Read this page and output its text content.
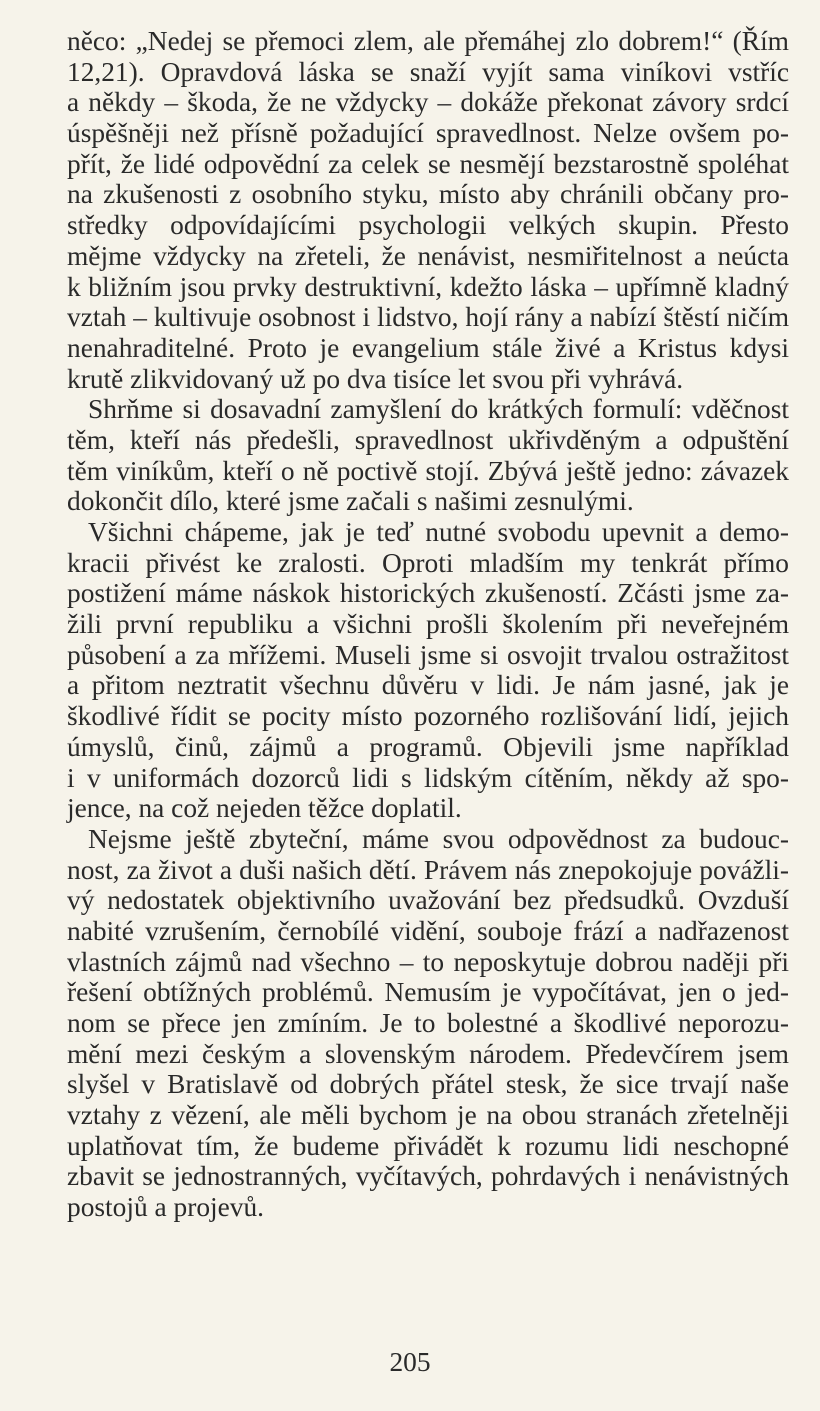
něco: „Nedej se přemoci zlem, ale přemáhej zlo dobrem!“ (Řím
12,21). Opravdová láska se snaží vyjít sama viníkovi vstříc
a někdy – škoda, že ne vždycky – dokáže překonat závory srdcí
úspěšněji než přísně požadující spravedlnost. Nelze ovšem po-
přít, že lidé odpovědní za celek se nesmějí bezstarostně spoléhat
na zkušenosti z osobního styku, místo aby chránili občany pro-
středky odpovídajícími psychologii velkých skupin. Přesto
mějme vždycky na zřeteli, že nenávist, nesmiřitelnost a neúcta
k bližním jsou prvky destruktivní, kdežto láska – upřímně kladný
vztah – kultivuje osobnost i lidstvo, hojí rány a nabízí štěstí ničím
nenahraditelné. Proto je evangelium stále živé a Kristus kdysi
krutě zlikvidovaný už po dva tisíce let svou při vyhrává.
Shrňme si dosavadní zamyšlení do krátkých formulí: vděčnost
těm, kteří nás předešli, spravedlnost ukřivděným a odpuštění
těm viníkům, kteří o ně poctivě stojí. Zbývá ještě jedno: závazek
dokončit dílo, které jsme začali s našimi zesnulými.
Všichni chápeme, jak je teď nutné svobodu upevnit a demo-
kracii přivést ke zralosti. Oproti mladším my tenkrát přímo
postižení máme náskok historických zkušeností. Zčásti jsme za-
žili první republiku a všichni prošli školením při neveřejném
působení a za mřížemi. Museli jsme si osvojit trvalou ostražitost
a přitom neztratit všechnu důvěru v lidi. Je nám jasné, jak je
škodlivé řídit se pocity místo pozorného rozlišování lidí, jejich
úmyslů, činů, zájmů a programů. Objevili jsme například
i v uniformách dozorců lidi s lidským cítěním, někdy až spo-
jence, na což nejeden těžce doplatil.
Nejsme ještě zbyteční, máme svou odpovědnost za budouc-
nost, za život a duši našich dětí. Právem nás znepokojuje povážli-
vý nedostatek objektivního uvažování bez předsudků. Ovzduší
nabité vzrušením, černobílé vidění, souboje frází a nadřazenost
vlastních zájmů nad všechno – to neposkytuje dobrou naději při
řešení obtížných problémů. Nemusím je vypočítávat, jen o jed-
nom se přece jen zmíním. Je to bolestné a škodlivé neporozu-
mění mezi českým a slovenským národem. Předevčírem jsem
slyšel v Bratislavě od dobrých přátel stesk, že sice trvají naše
vztahy z vězení, ale měli bychom je na obou stranách zřetelněji
uplatňovat tím, že budeme přivádět k rozumu lidi neschopné
zbavit se jednostranných, vyčítavých, pohrdavých i nenávistných
postojů a projevů.
205
